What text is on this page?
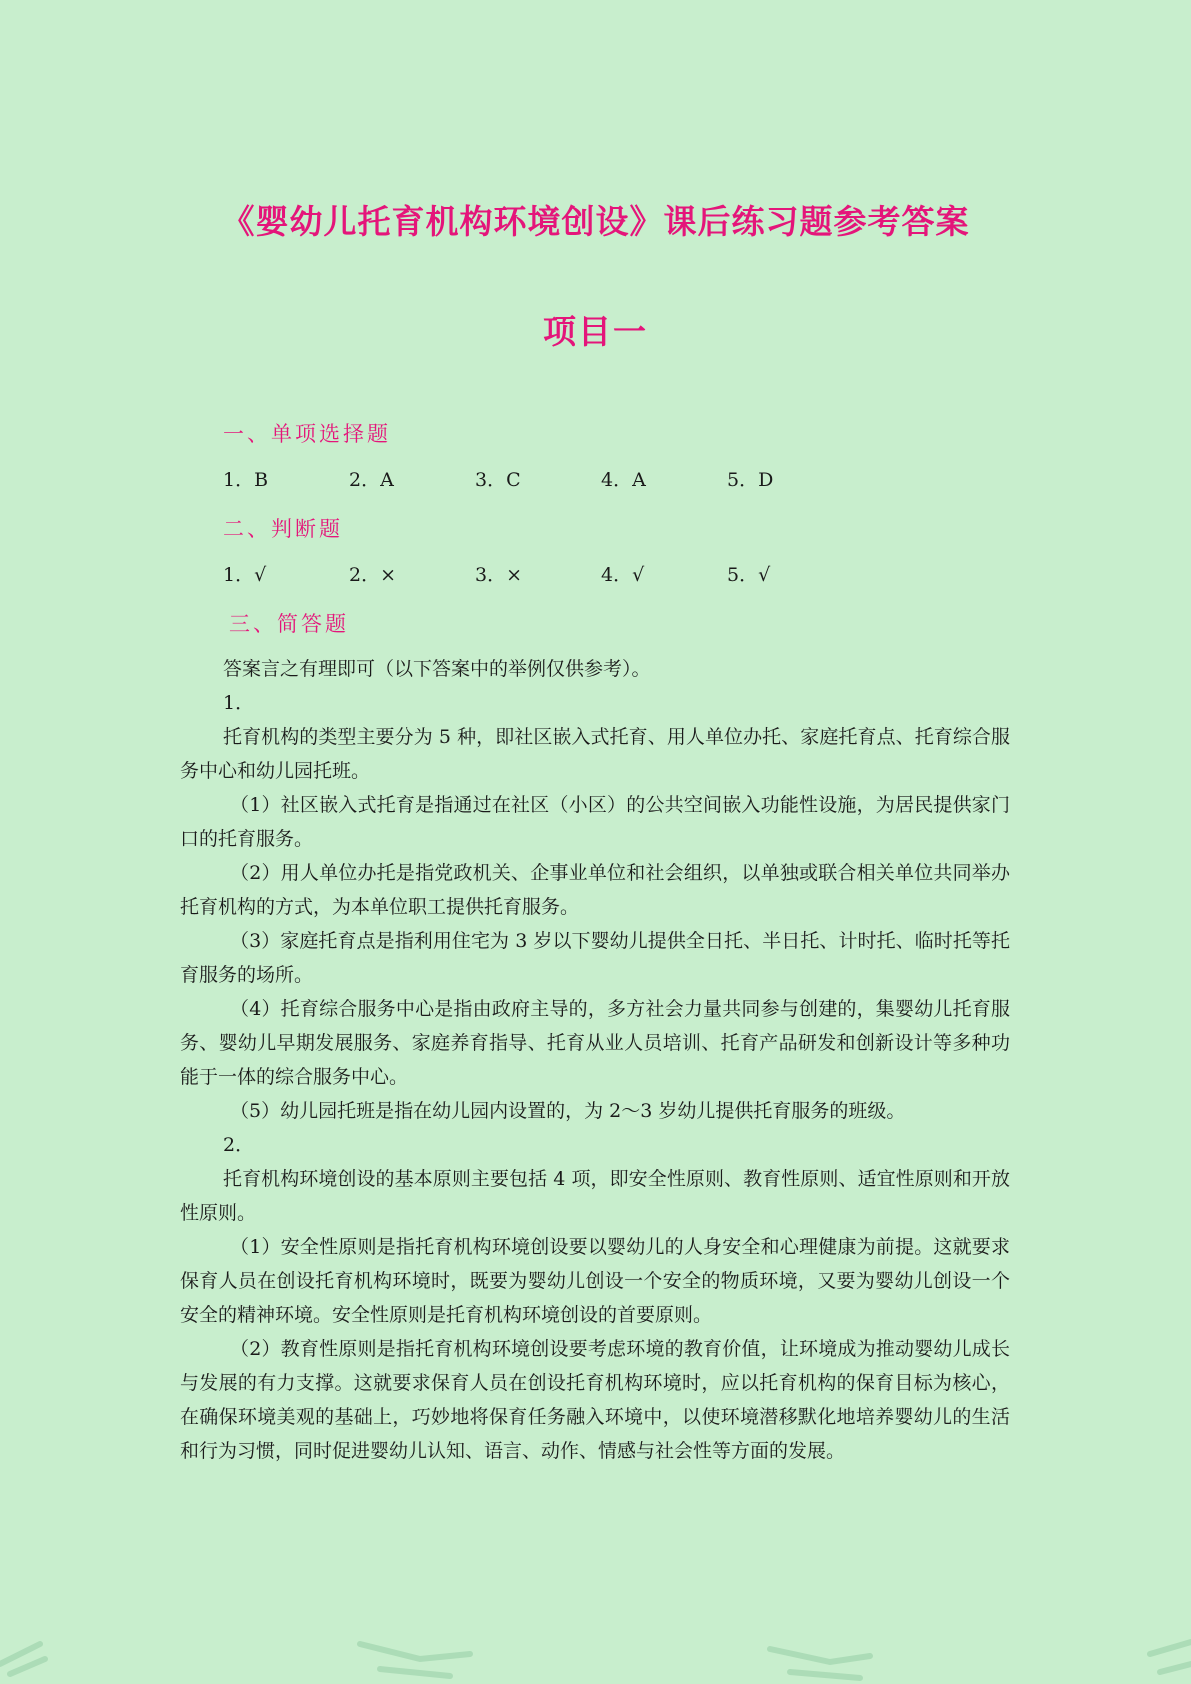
《婴幼儿托育机构环境创设》课后练习题参考答案
项目一
一、单项选择题
1．B	2．A	3．C	4．A	5．D
二、判断题
1．√	2．×	3．×	4．√	5．√
三、简答题

答案言之有理即可（以下答案中的举例仅供参考）。

1．

托育机构的类型主要分为 5 种，即社区嵌入式托育、用人单位办托、家庭托育点、托育综合服务中心和幼儿园托班。

（1）社区嵌入式托育是指通过在社区（小区）的公共空间嵌入功能性设施，为居民提供家门口的托育服务。

（2）用人单位办托是指党政机关、企事业单位和社会组织，以单独或联合相关单位共同举办托育机构的方式，为本单位职工提供托育服务。

（3）家庭托育点是指利用住宅为 3 岁以下婴幼儿提供全日托、半日托、计时托、临时托等托育服务的场所。

（4）托育综合服务中心是指由政府主导的，多方社会力量共同参与创建的，集婴幼儿托育服务、婴幼儿早期发展服务、家庭养育指导、托育从业人员培训、托育产品研发和创新设计等多种功能于一体的综合服务中心。

（5）幼儿园托班是指在幼儿园内设置的，为 2～3 岁幼儿提供托育服务的班级。

2．

托育机构环境创设的基本原则主要包括 4 项，即安全性原则、教育性原则、适宜性原则和开放性原则。

（1）安全性原则是指托育机构环境创设要以婴幼儿的人身安全和心理健康为前提。这就要求保育人员在创设托育机构环境时，既要为婴幼儿创设一个安全的物质环境，又要为婴幼儿创设一个安全的精神环境。安全性原则是托育机构环境创设的首要原则。

（2）教育性原则是指托育机构环境创设要考虑环境的教育价值，让环境成为推动婴幼儿成长与发展的有力支撑。这就要求保育人员在创设托育机构环境时，应以托育机构的保育目标为核心，在确保环境美观的基础上，巧妙地将保育任务融入环境中，以使环境潜移默化地培养婴幼儿的生活和行为习惯，同时促进婴幼儿认知、语言、动作、情感与社会性等方面的发展。
